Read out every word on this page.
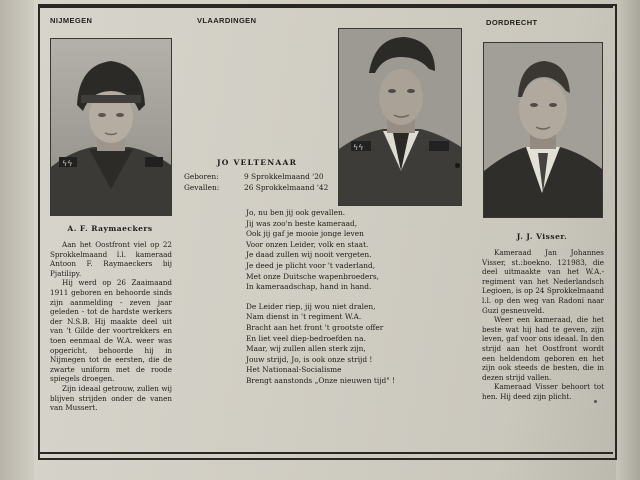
NIJMEGEN	VLAARDINGEN	DORDRECHT
ϟϟ
A. F. Raymaeckers
ϟϟ
J. J. Visser.
JO VELTENAAR
Geboren:	9 Sprokkelmaand '20
Gevallen:	26 Sprokkelmaand '42

Aan het Oostfront viel op 22 Sprokkelmaand l.l. kameraad Antoon F. Raymaeckers bij Pjatilipy.

Hij werd op 26 Zaaimaand 1911 geboren en behoorde sinds zijn aanmelding - zeven jaar geleden - tot de hardste werkers der N.S.B. Hij maakte deel uit van 't Gilde der voortrekkers en toen eenmaal de W.A. weer was opgericht, behoorde hij in Nijmegen tot de eersten, die de zwarte uniform met de roode spiegels droegen.

Zijn ideaal getrouw, zullen wij blijven strijden onder de vanen van Mussert.

Jo, nu ben jij ook gevallen.
Jij was zoo'n beste kameraad,
Ook jij gaf je mooie jonge leven
Voor onzen Leider, volk en staat.
Je daad zullen wij nooit vergeten.
Je deed je plicht voor 't vaderland,
Met onze Duitsche wapenbroeders,
In kameraadschap, hand in hand.
De Leider riep, jij wou niet dralen,
Nam dienst in 't regiment W.A.
Bracht aan het front 't grootste offer
En liet veel diep-bedroefden na.
Maar, wij zullen allen sterk zijn,
Jouw strijd, Jo, is ook onze strijd !
Het Nationaal-Socialisme
Brengt aanstonds „Onze nieuwen tijd" !

Kameraad Jan Johannes Visser, st.:boekno. 121983, die deel uitmaakte van het W.A.-regiment van het Nederlandsch Legioen, is op 24 Sprokkelmaand l.l. op den weg van Radoni naar Guzi gesneuveld.

Weer een kameraad, die het beste wat hij had te geven, zijn leven, gaf voor ons ideaal. In den strijd aan het Oostfront wordt een heldendom geboren en het zijn ook steeds de besten, die in dezen strijd vallen.

Kameraad Visser behoort tot hen. Hij deed zijn plicht.
